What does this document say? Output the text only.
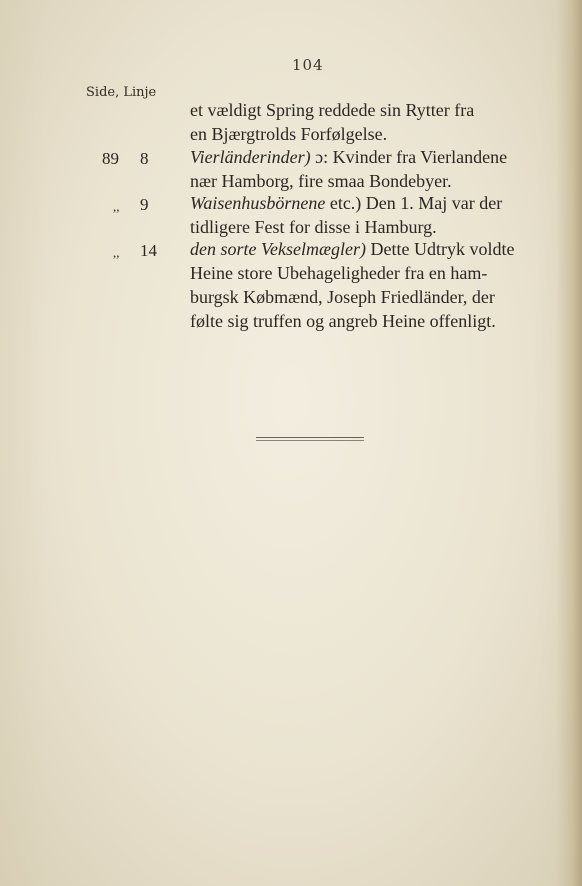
104
Side, Linje
et vældigt Spring reddede sin Rytter fra
en Bjærgtrolds Forfølgelse.
89 8 Vierländerinder) ɔ: Kvinder fra Vierlandene
nær Hamborg, fire smaa Bondebyer.
,, 9 Waisenhusbörnene etc.) Den 1. Maj var der
tidligere Fest for disse i Hamburg.
,, 14 den sorte Vekselmægler) Dette Udtryk voldte
Heine store Ubehageligheder fra en ham-
burgsk Købmænd, Joseph Friedländer, der
følte sig truffen og angreb Heine offenligt.
